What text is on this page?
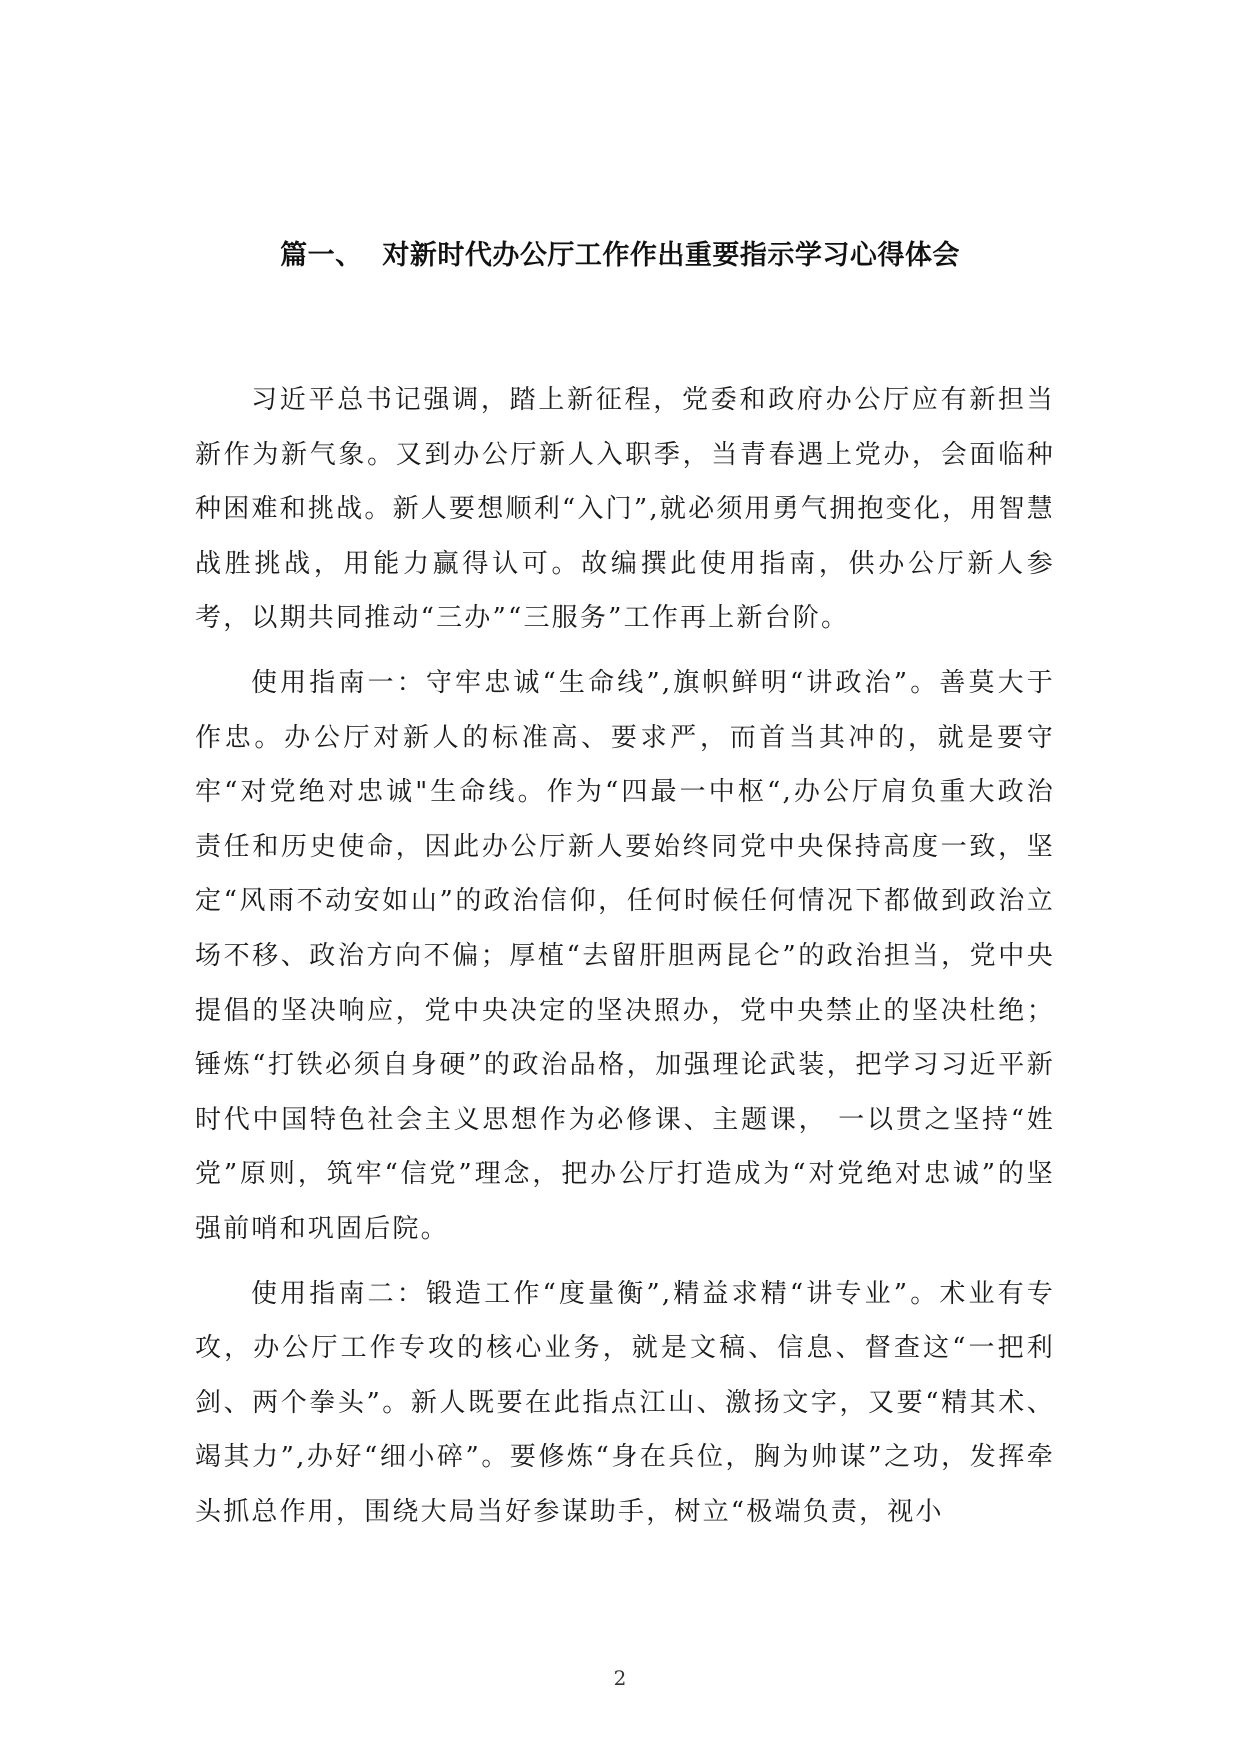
篇一、  对新时代办公厅工作作出重要指示学习心得体会

习近平总书记强调，踏上新征程，党委和政府办公厅应有新担当新作为新气象。又到办公厅新人入职季，当青春遇上党办，会面临种种困难和挑战。新人要想顺利“入门”,就必须用勇气拥抱变化，用智慧战胜挑战，用能力赢得认可。故编撰此使用指南，供办公厅新人参考，以期共同推动“三办”“三服务”工作再上新台阶。

使用指南一：守牢忠诚“生命线”,旗帜鲜明“讲政治”。善莫大于作忠。办公厅对新人的标准高、要求严，而首当其冲的，就是要守牢“对党绝对忠诚"生命线。作为“四最一中枢“,办公厅肩负重大政治责任和历史使命，因此办公厅新人要始终同党中央保持高度一致，坚定“风雨不动安如山”的政治信仰，任何时候任何情况下都做到政治立场不移、政治方向不偏；厚植“去留肝胆两昆仑”的政治担当，党中央提倡的坚决响应，党中央决定的坚决照办，党中央禁止的坚决杜绝；锤炼“打铁必须自身硬”的政治品格，加强理论武装，把学习习近平新时代中国特色社会主义思想作为必修课、主题课， 一以贯之坚持“姓党”原则，筑牢“信党”理念，把办公厅打造成为“对党绝对忠诚”的坚强前哨和巩固后院。

使用指南二：锻造工作“度量衡”,精益求精“讲专业”。术业有专攻，办公厅工作专攻的核心业务，就是文稿、信息、督查这“一把利剑、两个拳头”。新人既要在此指点江山、激扬文字，又要“精其术、竭其力”,办好“细小碎”。要修炼“身在兵位，胸为帅谋”之功，发挥牵头抓总作用，围绕大局当好参谋助手，树立“极端负责，视小

2
